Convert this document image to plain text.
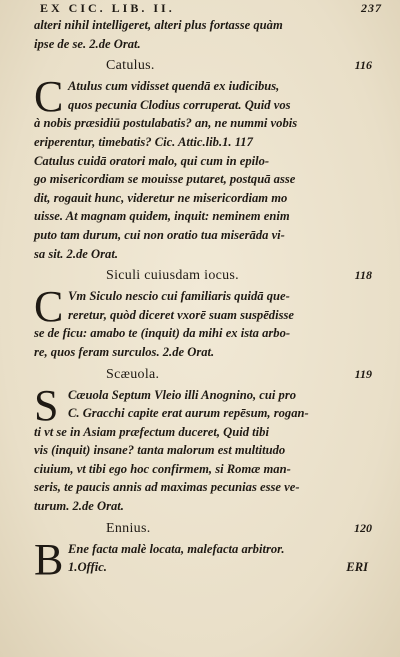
EX CIC. LIB. II.	237
alteri nihil intelligeret, alteri plus fortasse quàm
ipse de se. 2.de Orat.
Catulus.	116
C Atulus cum vidisset quendā ex iudicibus,
quos pecunia Clodius corruperat. Quid vos
à nobis præsidiū postulabatis? an, ne nummi vobis
eriperentur, timebatis? Cic. Attic.lib.1. 117
Catulus cuidā oratori malo, qui cum in epilo-
go misericordiam se mouisse putaret, postquā asse
dit, rogauit hunc, videretur ne misericordiam mo
uisse. At magnam quidem, inquit: neminem enim
puto tam durum, cui non oratio tua miserāda vi-
sa sit. 2.de Orat.
Siculi cuiusdam iocus.	118
C Vm Siculo nescio cui familiaris quidā que-
reretur, quòd diceret vxorē suam suspēdisse
se de ficu: amabo te (inquit) da mihi ex ista arbo-
re, quos feram surculos. 2.de Orat.
Scæuola.	119
S Cæuola Septum Vleio illi Anognino, cui pro
C. Gracchi capite erat aurum repēsum, rogan-
ti vt se in Asiam præfectum duceret, Quid tibi
vis (inquit) insane? tanta malorum est multitudo
ciuium, vt tibi ego hoc confirmem, si Romæ man-
seris, te paucis annis ad maximas pecunias esse ve-
turum. 2.de Orat.
Ennius.	120
B Ene facta malè locata, malefacta arbitror.
1.Offic.	ERI
